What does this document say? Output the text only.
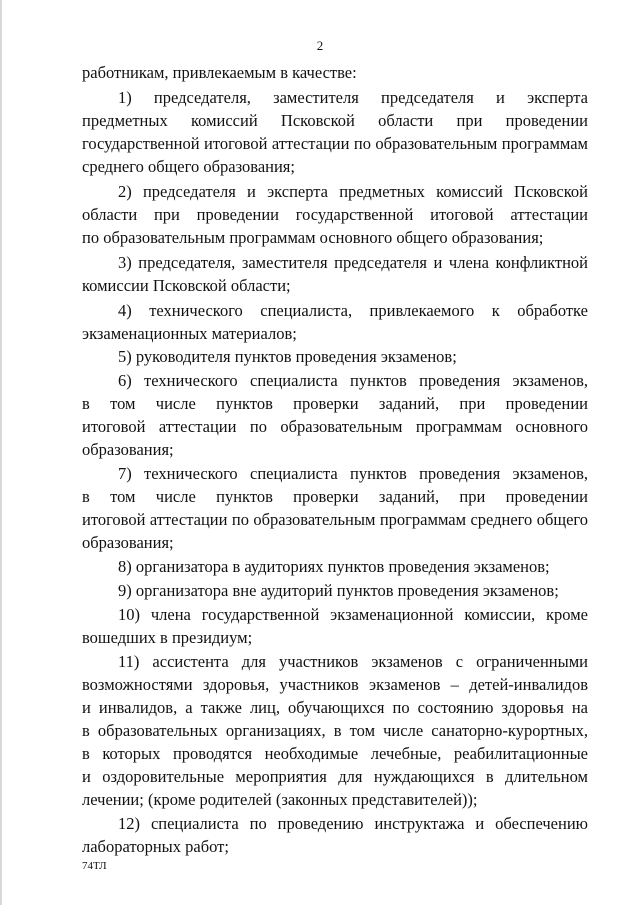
2
работникам, привлекаемым в качестве:
1) председателя, заместителя председателя и эксперта
предметных комиссий Псковской области при проведении
государственной итоговой аттестации по образовательным программам
среднего общего образования;
2) председателя и эксперта предметных комиссий Псковской
области при проведении государственной итоговой аттестации
по образовательным программам основного общего образования;
3) председателя, заместителя председателя и члена конфликтной
комиссии Псковской области;
4) технического специалиста, привлекаемого к обработке
экзаменационных материалов;
5) руководителя пунктов проведения экзаменов;
6) технического специалиста пунктов проведения экзаменов,
в том числе пунктов проверки заданий, при проведении
итоговой аттестации по образовательным программам основного
образования;
7) технического специалиста пунктов проведения экзаменов,
в том числе пунктов проверки заданий, при проведении
итоговой аттестации по образовательным программам среднего общего
образования;
8) организатора в аудиториях пунктов проведения экзаменов;
9) организатора вне аудиторий пунктов проведения экзаменов;
10) члена государственной экзаменационной комиссии, кроме
вошедших в президиум;
11) ассистента для участников экзаменов с ограниченными
возможностями здоровья, участников экзаменов – детей-инвалидов
и инвалидов, а также лиц, обучающихся по состоянию здоровья на
в образовательных организациях, в том числе санаторно-курортных,
в которых проводятся необходимые лечебные, реабилитационные
и оздоровительные мероприятия для нуждающихся в длительном
лечении; (кроме родителей (законных представителей));
12) специалиста по проведению инструктажа и обеспечению
лабораторных работ;
74ТЛ
